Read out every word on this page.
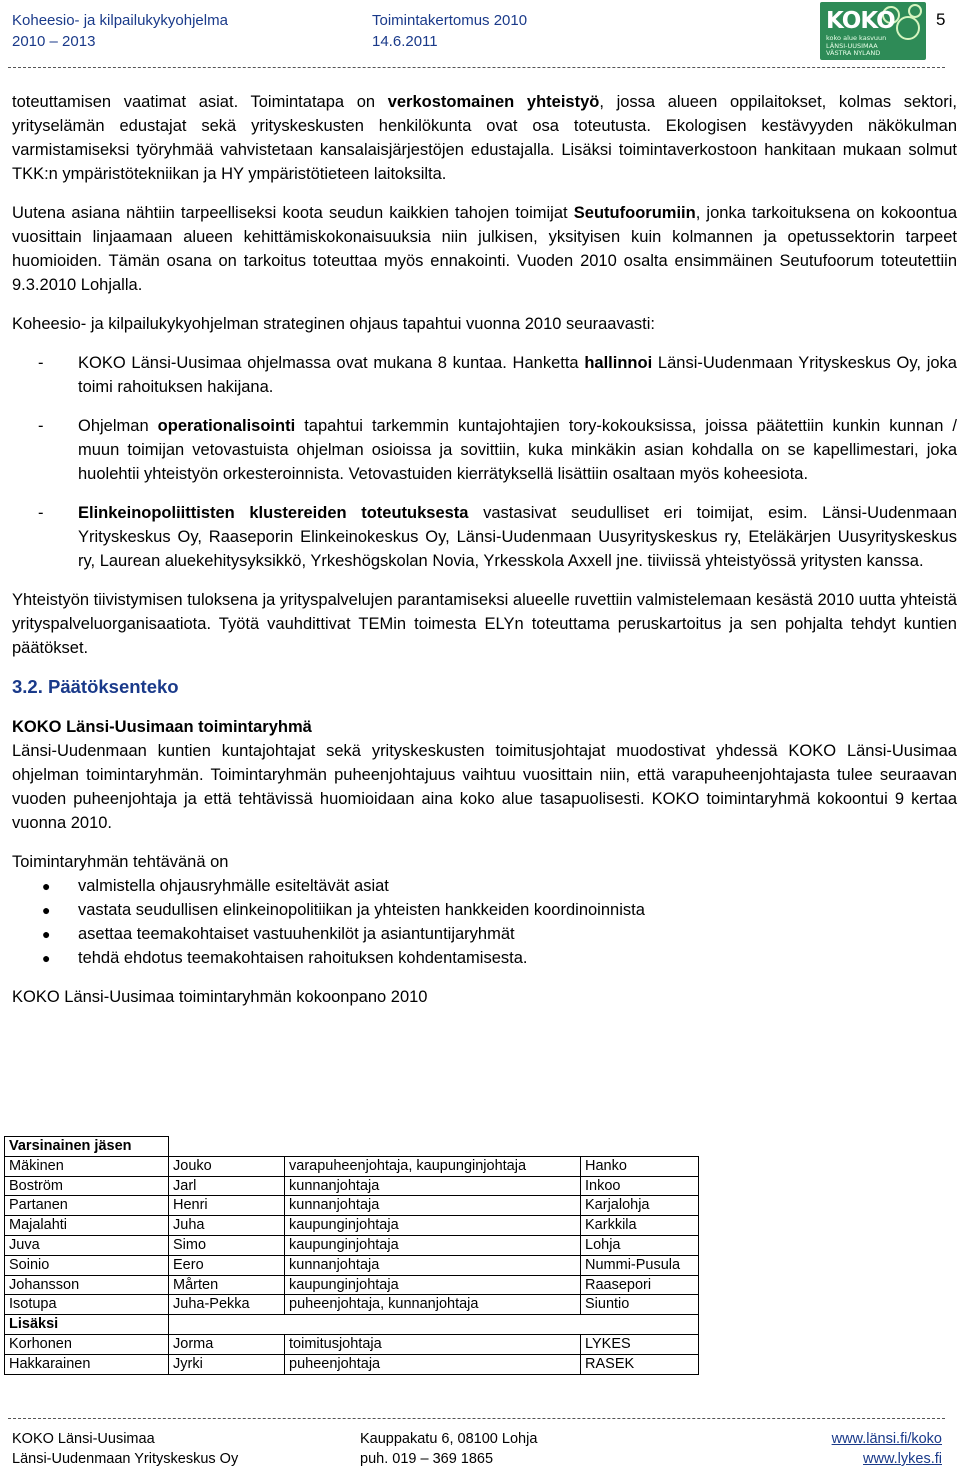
Koheesio- ja kilpailukykyohjelma
2010 – 2013
Toimintakertomus 2010
14.6.2011
KOKO
koko alue kasvuun
LÄNSI-UUSIMAA
VÄSTRA NYLAND
5

toteuttamisen vaatimat asiat. Toimintatapa on verkostomainen yhteistyö, jossa alueen oppilaitokset, kolmas sektori, yrityselämän edustajat sekä yrityskeskusten henkilökunta ovat osa toteutusta. Ekologisen kestävyyden näkökulman varmistamiseksi työryhmää vahvistetaan kansalaisjärjestöjen edustajalla. Lisäksi toimintaverkostoon hankitaan mukaan solmut TKK:n ympäristötekniikan ja HY ympäristötieteen laitoksilta.

Uutena asiana nähtiin tarpeelliseksi koota seudun kaikkien tahojen toimijat Seutufoorumiin, jonka tarkoituksena on kokoontua vuosittain linjaamaan alueen kehittämiskokonaisuuksia niin julkisen, yksityisen kuin kolmannen ja opetussektorin tarpeet huomioiden. Tämän osana on tarkoitus toteuttaa myös ennakointi. Vuoden 2010 osalta ensimmäinen Seutufoorum toteutettiin 9.3.2010 Lohjalla.

Koheesio- ja kilpailukykyohjelman strateginen ohjaus tapahtui vuonna 2010 seuraavasti:

-	KOKO Länsi-Uusimaa ohjelmassa ovat mukana 8 kuntaa. Hanketta hallinnoi Länsi-Uudenmaan Yrityskeskus Oy, joka toimi rahoituksen hakijana.
-	Ohjelman operationalisointi tapahtui tarkemmin kuntajohtajien tory-kokouksissa, joissa päätettiin kunkin kunnan / muun toimijan vetovastuista ohjelman osioissa ja sovittiin, kuka minkäkin asian kohdalla on se kapellimestari, joka huolehtii yhteistyön orkesteroinnista. Vetovastuiden kierrätyksellä lisättiin osaltaan myös koheesiota.
-	Elinkeinopoliittisten klustereiden toteutuksesta vastasivat seudulliset eri toimijat, esim. Länsi-Uudenmaan Yrityskeskus Oy, Raaseporin Elinkeinokeskus Oy, Länsi-Uudenmaan Uusyrityskeskus ry, Eteläkärjen Uusyrityskeskus ry, Laurean aluekehitysyksikkö, Yrkeshögskolan Novia, Yrkesskola Axxell jne. tiiviissä yhteistyössä yritysten kanssa.

Yhteistyön tiivistymisen tuloksena ja yrityspalvelujen parantamiseksi alueelle ruvettiin valmistelemaan kesästä 2010 uutta yhteistä yrityspalveluorganisaatiota. Työtä vauhdittivat TEMin toimesta ELYn toteuttama peruskartoitus ja sen pohjalta tehdyt kuntien päätökset.

3.2. Päätöksenteko
KOKO Länsi-Uusimaan toimintaryhmä

Länsi-Uudenmaan kuntien kuntajohtajat sekä yrityskeskusten toimitusjohtajat muodostivat yhdessä KOKO Länsi-Uusimaa ohjelman toimintaryhmän. Toimintaryhmän puheenjohtajuus vaihtuu vuosittain niin, että varapuheenjohtajasta tulee seuraavan vuoden puheenjohtaja ja että tehtävissä huomioidaan aina koko alue tasapuolisesti. KOKO toimintaryhmä kokoontui 9 kertaa vuonna 2010.

Toimintaryhmän tehtävänä on
●	valmistella ohjausryhmälle esiteltävät asiat
●	vastata seudullisen elinkeinopolitiikan ja yhteisten hankkeiden koordinoinnista
●	asettaa teemakohtaiset vastuuhenkilöt ja asiantuntijaryhmät
●	tehdä ehdotus teemakohtaisen rahoituksen kohdentamisesta.
KOKO Länsi-Uusimaa toimintaryhmän kokoonpano 2010
Varsinainen jäsen			
Mäkinen	Jouko	varapuheenjohtaja, kaupunginjohtaja	Hanko
Boström	Jarl	kunnanjohtaja	Inkoo
Partanen	Henri	kunnanjohtaja	Karjalohja
Majalahti	Juha	kaupunginjohtaja	Karkkila
Juva	Simo	kaupunginjohtaja	Lohja
Soinio	Eero	kunnanjohtaja	Nummi-Pusula
Johansson	Mårten	kaupunginjohtaja	Raasepori
Isotupa	Juha-Pekka	puheenjohtaja, kunnanjohtaja	Siuntio
Lisäksi			
Korhonen	Jorma	toimitusjohtaja	LYKES
Hakkarainen	Jyrki	puheenjohtaja	RASEK
KOKO Länsi-Uusimaa
Länsi-Uudenmaan Yrityskeskus Oy
Kauppakatu 6, 08100 Lohja
puh. 019 – 369 1865
www.länsi.fi/koko
www.lykes.fi
